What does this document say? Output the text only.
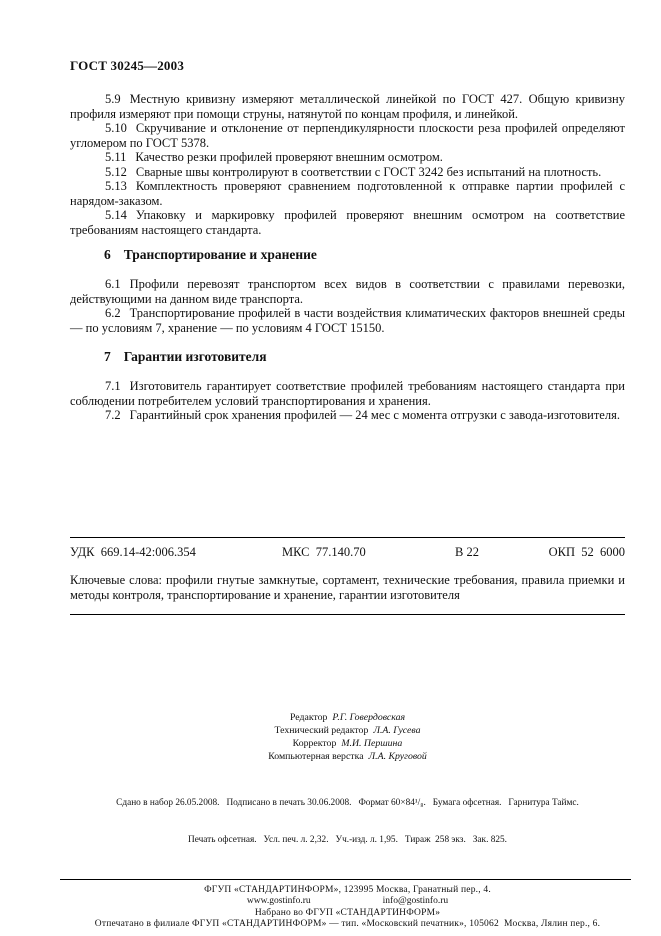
ГОСТ 30245—2003

5.9 Местную кривизну измеряют металлической линейкой по ГОСТ 427. Общую кривизну профиля измеряют при помощи струны, натянутой по концам профиля, и линейкой.

5.10 Скручивание и отклонение от перпендикулярности плоскости реза профилей определяют угломером по ГОСТ 5378.

5.11 Качество резки профилей проверяют внешним осмотром.

5.12 Сварные швы контролируют в соответствии с ГОСТ 3242 без испытаний на плотность.

5.13 Комплектность проверяют сравнением подготовленной к отправке партии профилей с нарядом-заказом.

5.14 Упаковку и маркировку профилей проверяют внешним осмотром на соответствие требованиям настоящего стандарта.

6 Транспортирование и хранение

6.1 Профили перевозят транспортом всех видов в соответствии с правилами перевозки, действующими на данном виде транспорта.

6.2 Транспортирование профилей в части воздействия климатических факторов внешней среды — по условиям 7, хранение — по условиям 4 ГОСТ 15150.

7 Гарантии изготовителя

7.1 Изготовитель гарантирует соответствие профилей требованиям настоящего стандарта при соблюдении потребителем условий транспортирования и хранения.

7.2 Гарантийный срок хранения профилей — 24 мес с момента отгрузки с завода-изготовителя.

УДК  669.14-42:006.354	МКС  77.140.70	В 22	ОКП  52  6000

Ключевые слова: профили гнутые замкнутые, сортамент, технические требования, правила приемки и методы контроля, транспортирование и хранение, гарантии изготовителя

Редактор Р.Г. Говердовская
Технический редактор Л.А. Гусева
Корректор М.И. Першина
Компьютерная верстка Л.А. Круговой

Сдано в набор 26.05.2008.   Подписано в печать 30.06.2008.   Формат 60×84¹/₈.   Бумага офсетная.   Гарнитура Таймс.

Печать офсетная.   Усл. печ. л. 2,32.   Уч.-изд. л. 1,95.   Тираж  258 экз.   Зак. 825.

ФГУП «СТАНДАРТИНФОРМ», 123995 Москва, Гранатный пер., 4.
www.gostinfo.ru	info@gostinfo.ru
Набрано во ФГУП «СТАНДАРТИНФОРМ»
Отпечатано в филиале ФГУП «СТАНДАРТИНФОРМ» — тип. «Московский печатник», 105062  Москва, Лялин пер., 6.
